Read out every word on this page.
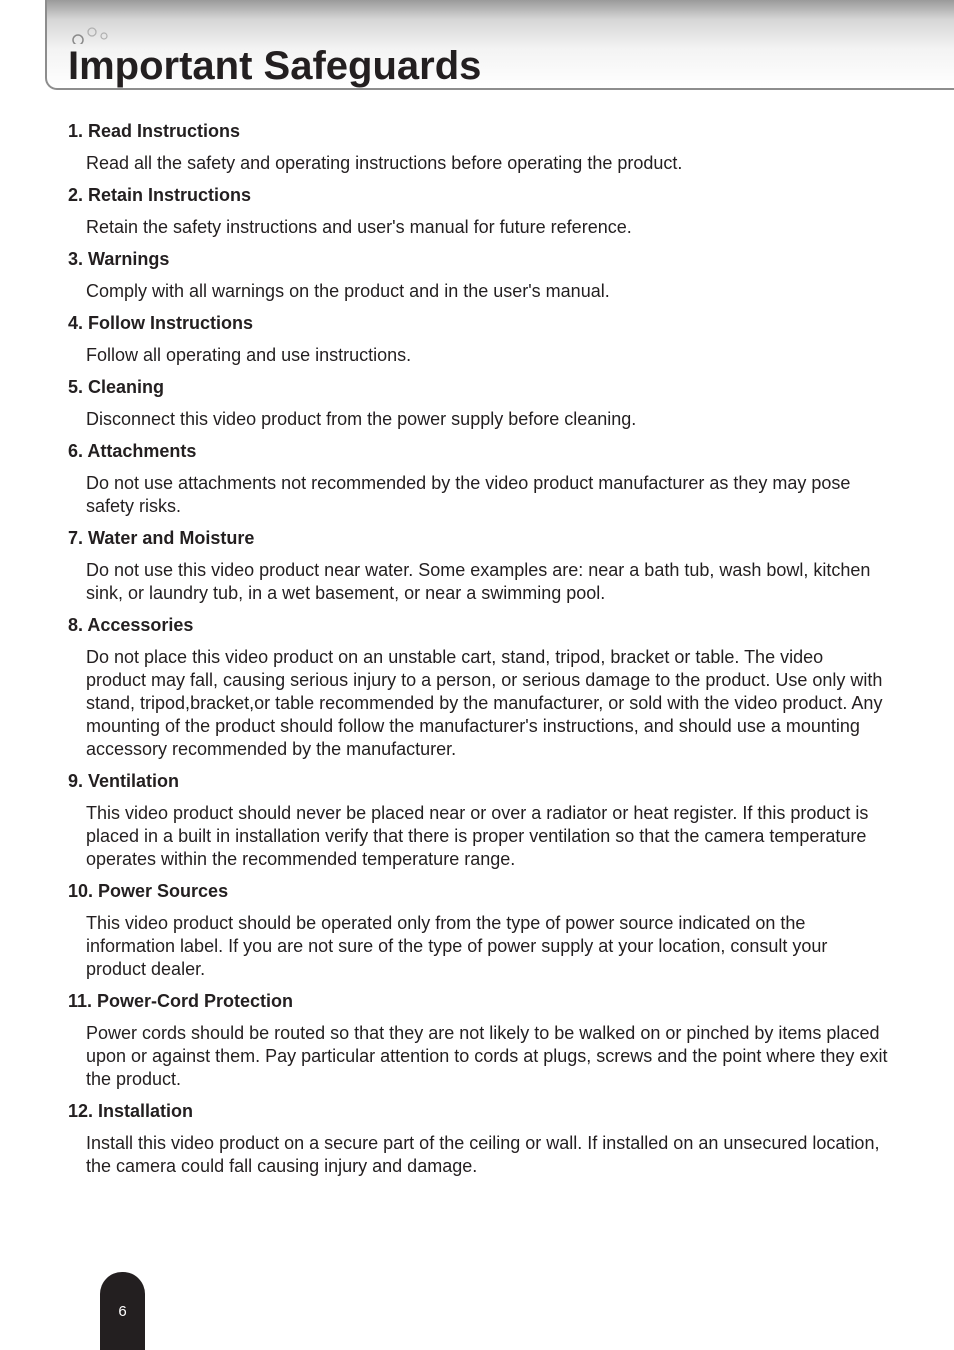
Important Safeguards

1. Read Instructions

Read all the safety and operating instructions before operating the product.

2. Retain Instructions

Retain the safety instructions and user's manual for future reference.

3. Warnings

Comply with all warnings on the product and in the user's manual.

4. Follow Instructions

Follow all operating and use instructions.

5. Cleaning

Disconnect this video product from the power supply before cleaning.

6. Attachments

Do not use attachments not recommended by the video product manufacturer as they may pose safety risks.

7. Water and Moisture

Do not use this video product near water. Some examples are: near a bath tub, wash bowl, kitchen sink, or laundry tub, in a wet basement, or near a swimming pool.

8. Accessories

Do not place this video product on an unstable cart, stand, tripod, bracket or table. The video product may fall, causing serious injury to a person, or serious damage to the product. Use only with stand, tripod,bracket,or table recommended by the manufacturer, or sold with the video product. Any mounting of the product should follow the manufacturer's instructions, and should use a mounting accessory recommended by the manufacturer.

9. Ventilation

This video product should never be placed near or over a radiator or heat register. If this product is placed in a built in installation verify that there is proper ventilation so that the camera temperature operates within the recommended temperature range.

10. Power Sources

This video product should be operated only from the type of power source indicated on the information label. If you are not sure of the type of power supply at your location, consult your product dealer.

11. Power-Cord Protection

Power cords should be routed so that they are not likely to be walked on or pinched by items placed upon or against them. Pay particular attention to cords at plugs, screws and the point where they exit the product.

12. Installation

Install this video product on a secure part of the ceiling or wall. If installed on an unsecured location, the camera could fall causing injury and damage.

6
